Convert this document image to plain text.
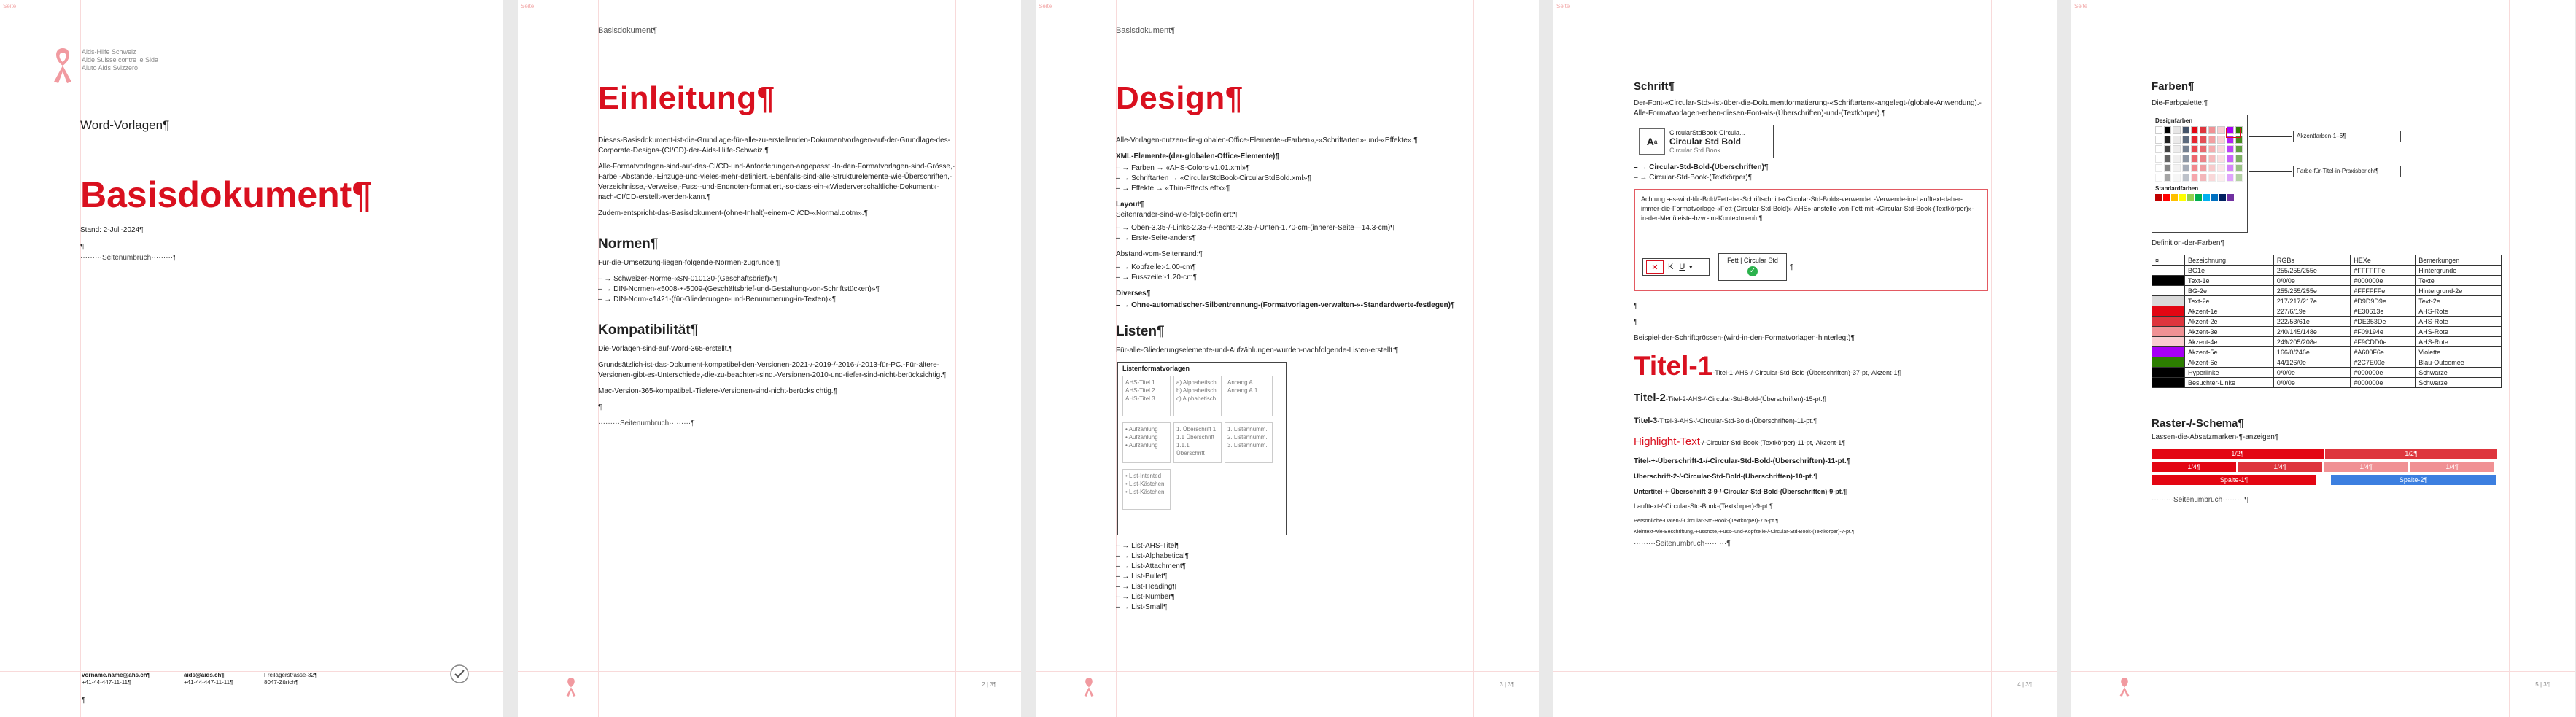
Seite
Aids-Hilfe Schweiz
Aide Suisse contre le Sida
Aiuto Aids Svizzero
Word-Vorlagen¶
Basisdokument¶
Stand: 2-Juli-2024¶
¶
·········Seitenumbruch·········¶
vorname.name@ahs.ch¶
+41-44-447-11-11¶
aids@aids.ch¶
+41-44-447-11-11¶
Freilagerstrasse-32¶
8047-Zürich¶
¶
Seite
Basisdokument¶
Einleitung¶
Dieses-Basisdokument-ist-die-Grundlage-für-alle-zu-erstellenden-Dokumentvorlagen-auf-der-Grundlage-des-Corporate-Designs-(CI/CD)-der-Aids-Hilfe-Schweiz.¶
Alle-Formatvorlagen-sind-auf-das-CI/CD-und-Anforderungen-angepasst.-In-den-Formatvorlagen-sind-Grösse,-Farbe,-Abstände,-Einzüge-und-vieles-mehr-definiert.-Ebenfalls-sind-alle-Strukturelemente-wie-Überschriften,-Verzeichnisse,-Verweise,-Fuss--und-Endnoten-formatiert,-so-dass-ein-«Wiederverschaltliche-Dokument»-nach-CI/CD-erstellt-werden-kann.¶
Zudem-entspricht-das-Basisdokument-(ohne-Inhalt)-einem-CI/CD-«Normal.dotm».¶
Normen¶
Für-die-Umsetzung-liegen-folgende-Normen-zugrunde:¶
– → Schweizer-Norme-«SN-010130-(Geschäftsbrief)»¶
– → DIN-Normen-«5008-+-5009-(Geschäftsbrief-und-Gestaltung-von-Schriftstücken)»¶
– → DIN-Norm-«1421-(für-Gliederungen-und-Benummerung-in-Texten)»¶
Kompatibilität¶
Die-Vorlagen-sind-auf-Word-365-erstellt.¶
Grundsätzlich-ist-das-Dokument-kompatibel-den-Versionen-2021-/-2019-/-2016-/-2013-für-PC.-Für-ältere-Versionen-gibt-es-Unterschiede,-die-zu-beachten-sind.-Versionen-2010-und-tiefer-sind-nicht-berücksichtig.¶
Mac-Version-365-kompatibel.-Tiefere-Versionen-sind-nicht-berücksichtig.¶
¶
·········Seitenumbruch·········¶
2 | 3¶
Seite
Basisdokument¶
Design¶
Alle-Vorlagen-nutzen-die-globalen-Office-Elemente-«Farben»,-«Schriftarten»-und-«Effekte».¶
XML-Elemente-(der-globalen-Office-Elemente)¶
– → Farben → «AHS-Colors-v1.01.xml»¶
– → Schriftarten → «CircularStdBook-CircularStdBold.xml»¶
– → Effekte → «Thin-Effects.eftx»¶
Layout¶
Seitenränder-sind-wie-folgt-definiert:¶
– → Oben-3.35-/-Links-2.35-/-Rechts-2.35-/-Unten-1.70-cm-(innerer-Seite—14.3-cm)¶
– → Erste-Seite-anders¶
Abstand-vom-Seitenrand:¶
– → Kopfzeile:-1.00-cm¶
– → Fusszeile:-1.20-cm¶
Diverses¶
– → Ohne-automatischer-Silbentrennung-(Formatvorlagen-verwalten-»-Standardwerte-festlegen)¶
Listen¶
Für-alle-Gliederungselemente-und-Aufzählungen-wurden-nachfolgende-Listen-erstellt:¶
Listenformatvorlagen
AHS-Titel 1
AHS-Titel 2
AHS-Titel 3
a) Alphabetisch
b) Alphabetisch
c) Alphabetisch
Anhang A
Anhang A.1
• Aufzählung
• Aufzählung
• Aufzählung
1. Überschrift 1
1.1 Überschrift
1.1.1 Überschrift
1. Listennumm.
2. Listennumm.
3. Listennumm.
• List-Intented
• List-Kästchen
• List-Kästchen
– → List-AHS-Titel¶
– → List-Alphabetical¶
– → List-Attachment¶
– → List-Bullet¶
– → List-Heading¶
– → List-Number¶
– → List-Small¶
3 | 3¶
Seite
Schrift¶
Der-Font-«Circular-Std»-ist-über-die-Dokumentformatierung-«Schriftarten»-angelegt-(globale-Anwendung).-Alle-Formatvorlagen-erben-diesen-Font-als-(Überschriften)-und-(Textkörper).¶
A a
CircularStdBook-Circula...
Circular Std Bold
Circular Std Book
– → Circular-Std-Bold-(Überschriften)¶
– → Circular-Std-Book-(Textkörper)¶
Achtung:-es-wird-für-Bold/Fett-der-Schriftschnitt-«Circular-Std-Bold»-verwendet.-Verwende-im-Laufftext-daher-immer-die-Formatvorlage-«Fett-(Circular-Std-Bold)»-AHS»-anstelle-von-Fett-mit-«Circular-Std-Book-(Textkörper)»-in-der-Menüleiste-bzw.-im-Kontextmenü.¶
✕	K U ▾
Fett | Circular Std
✓	¶
¶
¶
Beispiel-der-Schriftgrössen-(wird-in-den-Formatvorlagen-hinterlegt)¶
Titel-1-Titel-1-AHS-/-Circular-Std-Bold-(Überschriften)-37-pt,-Akzent-1¶
Titel-2-Titel-2-AHS-/-Circular-Std-Bold-(Überschriften)-15-pt.¶
Titel-3-Titel-3-AHS-/-Circular-Std-Bold-(Überschriften)-11-pt.¶
Highlight-Text-/-Circular-Std-Book-(Textkörper)-11-pt,-Akzent-1¶
Titel-+-Überschrift-1-/-Circular-Std-Bold-(Überschriften)-11-pt.¶
Überschrift-2-/-Circular-Std-Bold-(Überschriften)-10-pt.¶
Untertitel-+-Überschrift-3-9-/-Circular-Std-Bold-(Überschriften)-9-pt.¶
Laufttext-/-Circular-Std-Book-(Textkörper)-9-pt.¶
Persönliche-Daten-/-Circular-Std-Book-(Textkörper)-7.5-pt.¶
Kleintext-wie-Beschriftung,-Fussnote,-Fuss--und-Kopfzeile-/-Circular-Std-Book-(Textkörper)-7-pt.¶
·········Seitenumbruch·········¶
4 | 3¶
Seite
Farben¶
Die-Farbpalette:¶
Designfarben
Standardfarben
Akzentfarben-1–6¶
Farbe-für-Titel-in-Praxisbericht¶
Definition-der-Farben¶
¤	Bezeichnung	RGBs	HEXe	Bemerkungen
	BG1e	255/255/255e	#FFFFFFe	Hintergrunde
	Text-1e	0/0/0e	#000000e	Texte
	BG-2e	255/255/255e	#FFFFFFe	Hintergrund-2e
	Text-2e	217/217/217e	#D9D9D9e	Text-2e
	Akzent-1e	227/6/19e	#E30613e	AHS-Rote
	Akzent-2e	222/53/61e	#DE353De	AHS-Rote
	Akzent-3e	240/145/148e	#F09194e	AHS-Rote
	Akzent-4e	249/205/208e	#F9CDD0e	AHS-Rote
	Akzent-5e	166/0/246e	#A600F6e	Violette
	Akzent-6e	44/126/0e	#2C7E00e	Blau-Outcomee
	Hyperlinke	0/0/0e	#000000e	Schwarze
	Besuchter-Linke	0/0/0e	#000000e	Schwarze
Raster-/-Schema¶
Lassen-die-Absatzmarken-¶-anzeigen¶
1/2¶	1/2¶
1/4¶	1/4¶	1/4¶	1/4¶
Spalte-1¶	Spalte-2¶
·········Seitenumbruch·········¶
5 | 3¶
